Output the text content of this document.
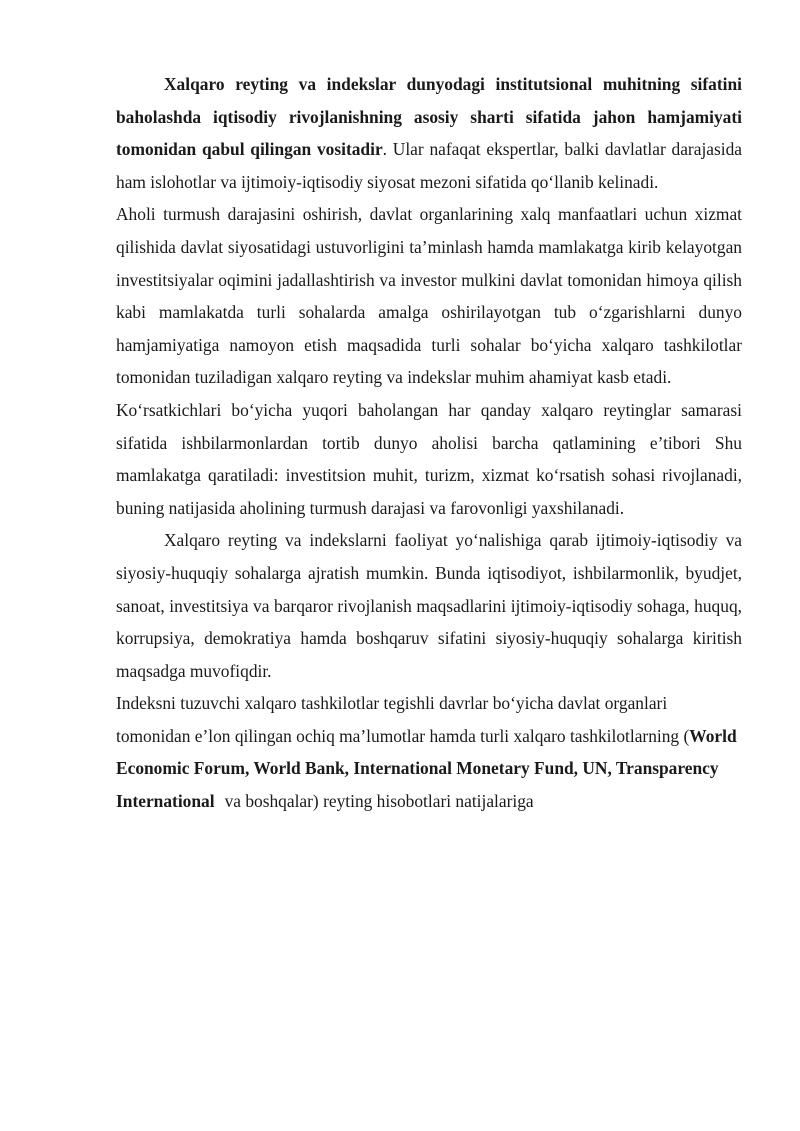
Xalqaro reyting va indekslar dunyodagi institutsional muhitning sifatini baholashda iqtisodiy rivojlanishning asosiy sharti sifatida jahon hamjamiyati tomonidan qabul qilingan vositadir. Ular nafaqat ekspertlar, balki davlatlar darajasida ham islohotlar va ijtimoiy-iqtisodiy siyosat mezoni sifatida qo‘llanib kelinadi.

Aholi turmush darajasini oshirish, davlat organlarining xalq manfaatlari uchun xizmat qilishida davlat siyosatidagi ustuvorligini ta’minlash hamda mamlakatga kirib kelayotgan investitsiyalar oqimini jadallashtirish va investor mulkini davlat tomonidan himoya qilish kabi mamlakatda turli sohalarda amalga oshirilayotgan tub o‘zgarishlarni dunyo hamjamiyatiga namoyon etish maqsadida turli sohalar bo‘yicha xalqaro tashkilotlar tomonidan tuziladigan xalqaro reyting va indekslar muhim ahamiyat kasb etadi.

Ko‘rsatkichlari bo‘yicha yuqori baholangan har qanday xalqaro reytinglar samarasi sifatida ishbilarmonlardan tortib dunyo aholisi barcha qatlamining e’tibori Shu mamlakatga qaratiladi: investitsion muhit, turizm, xizmat ko‘rsatish sohasi rivojlanadi, buning natijasida aholining turmush darajasi va farovonligi yaxshilanadi.

Xalqaro reyting va indekslarni faoliyat yo‘nalishiga qarab ijtimoiy-iqtisodiy va siyosiy-huquqiy sohalarga ajratish mumkin. Bunda iqtisodiyot, ishbilarmonlik, byudjet, sanoat, investitsiya va barqaror rivojlanish maqsadlarini ijtimoiy-iqtisodiy sohaga, huquq, korrupsiya, demokratiya hamda boshqaruv sifatini siyosiy-huquqiy sohalarga kiritish maqsadga muvofiqdir.

Indeksni tuzuvchi xalqaro tashkilotlar tegishli davrlar bo‘yicha davlat organlari tomonidan e’lon qilingan ochiq ma’lumotlar hamda turli xalqaro tashkilotlarning (World Economic Forum, World Bank, International Monetary Fund, UN, Transparency International va boshqalar) reyting hisobotlari natijalariga
